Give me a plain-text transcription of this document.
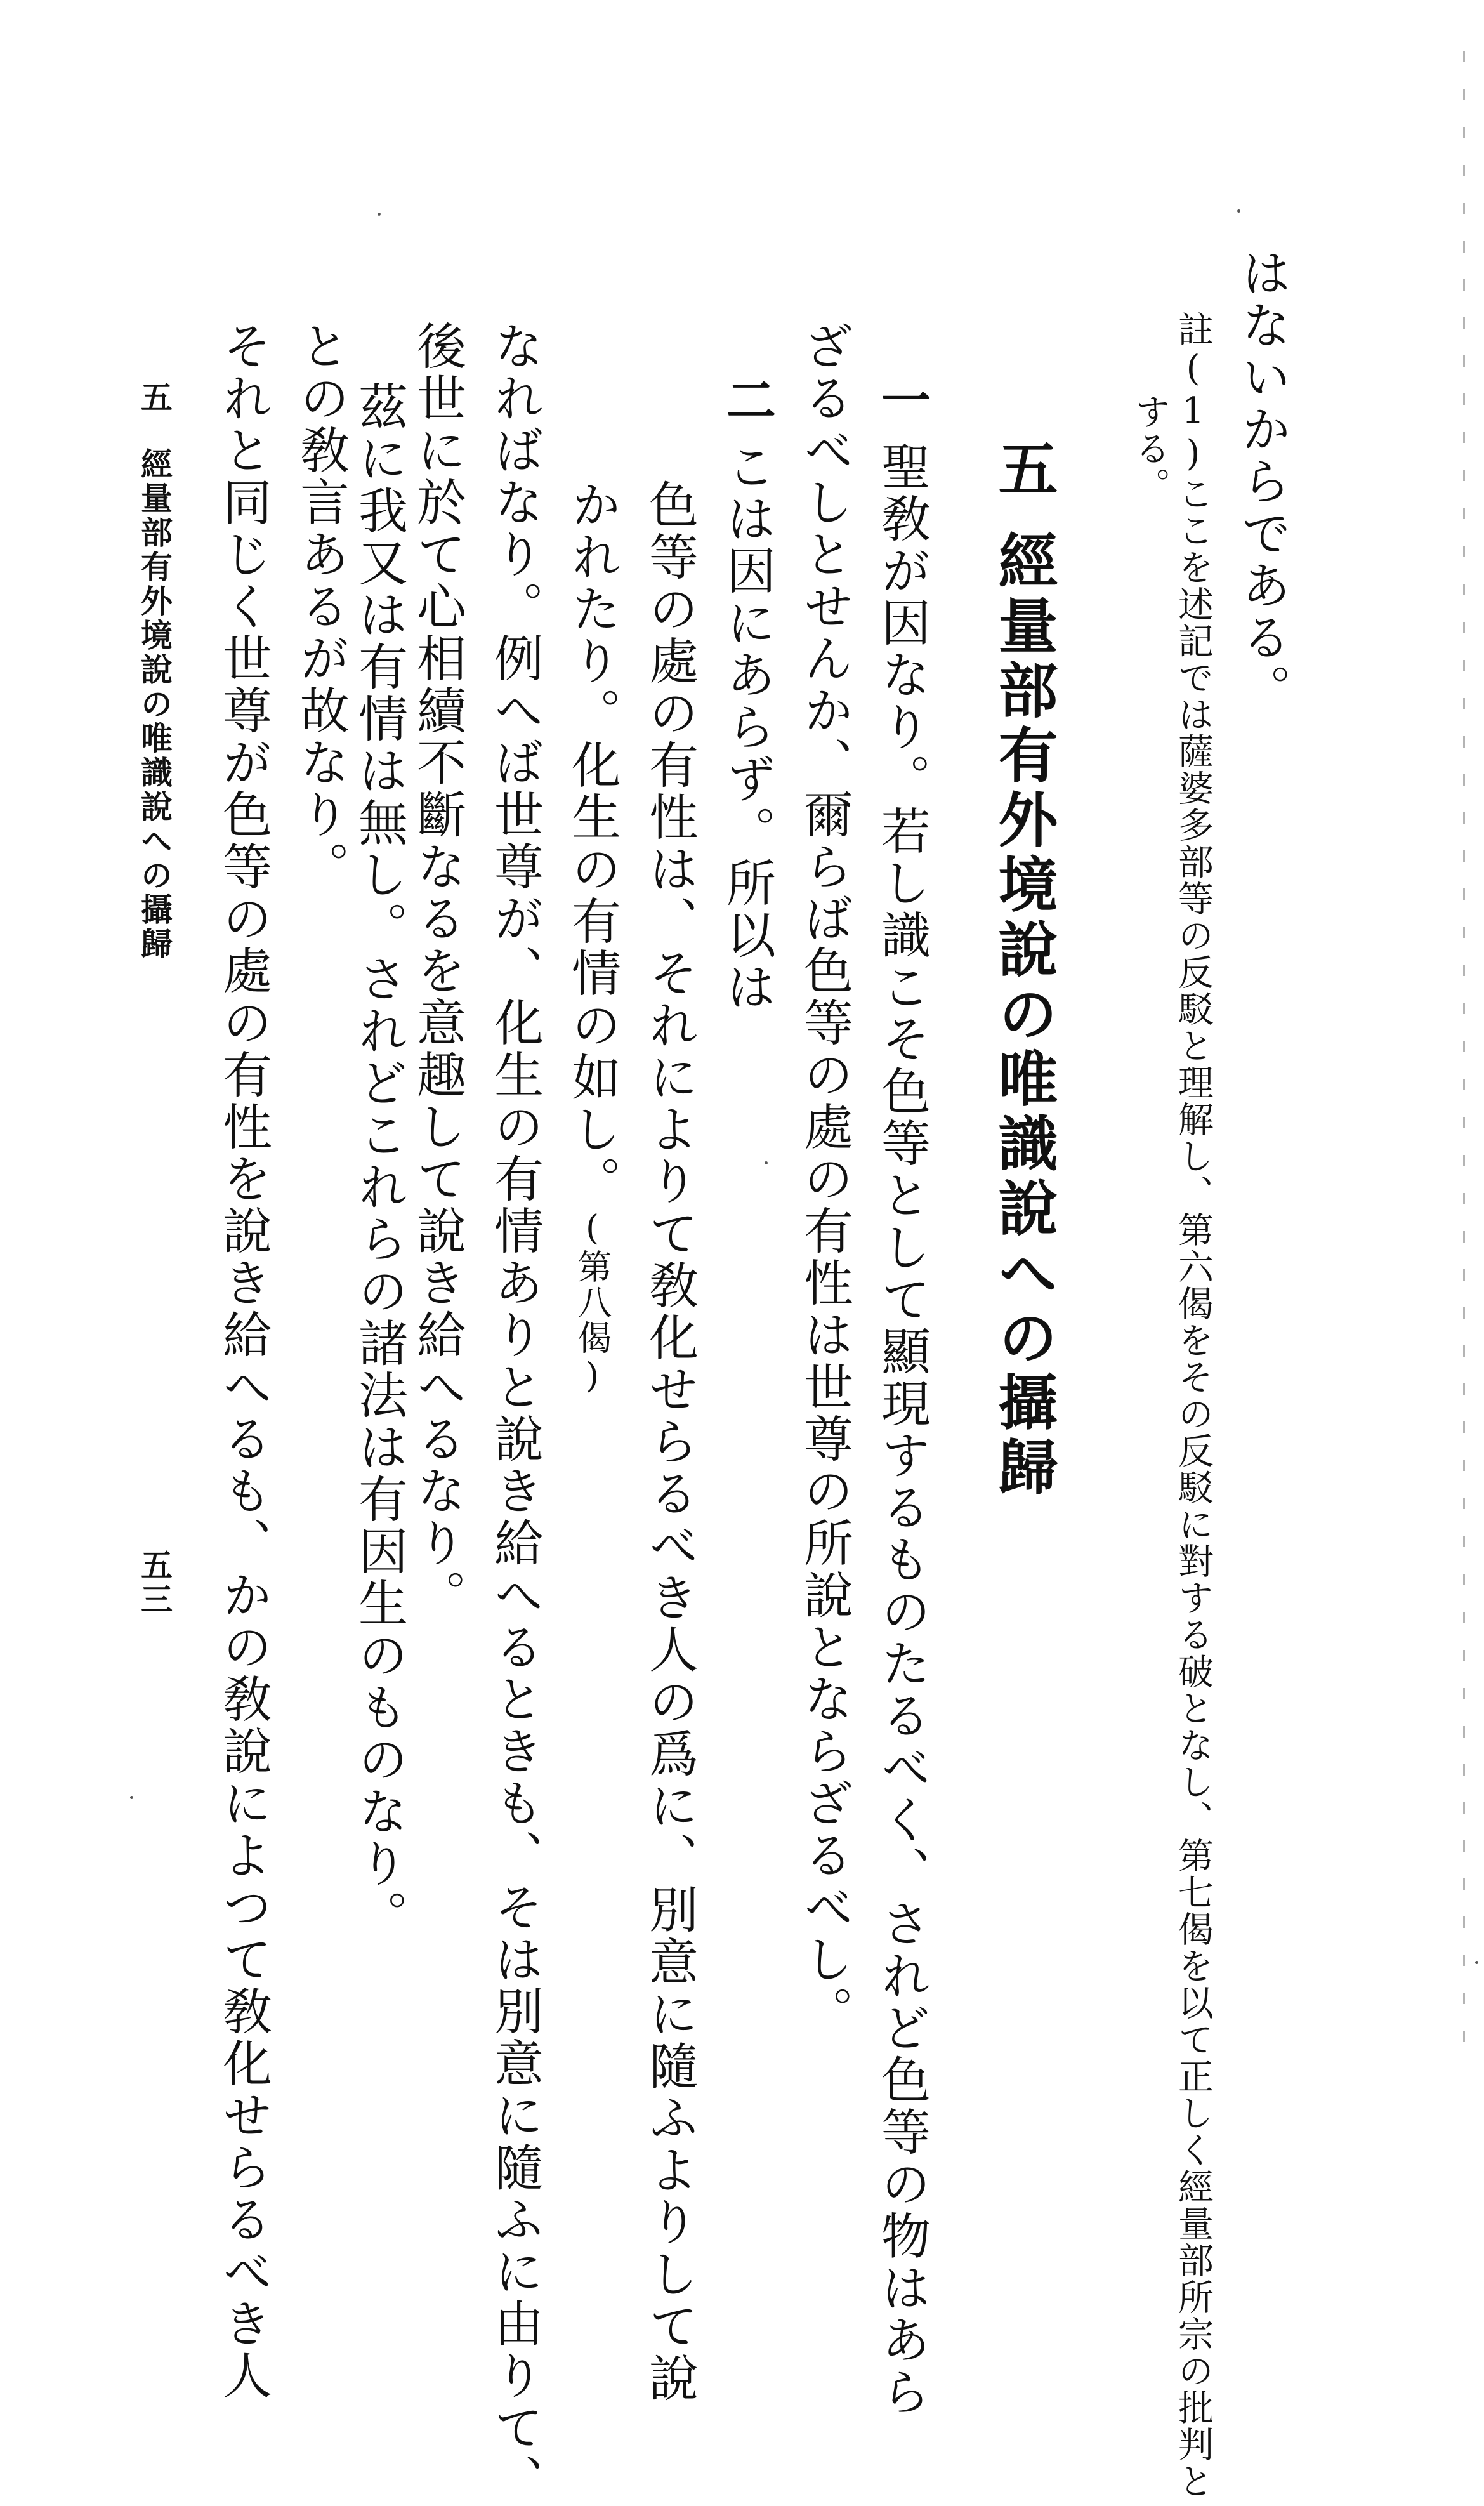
はないからである。
註(1)ここを述記では薩婆多部等の反駁と理解し、第六偈をその反駁に對する破となし、第七偈を以て正しく經量部所宗の批判と
する。
五
經量部有外境說の唯識說への攝歸
一
聖敎が因なり。若し識こそ色等として顯現するものたるべく、されど色等の物はあら
ざるべしとせんか、爾らば色等の處の有性は世尊の所說とならざるべし。
二
こは因にあらず。所以は
色等の處の有性は、それによりて敎化せらるべき人の爲に、別意に隨ふよりして說
かれたり。化生の有情の如し。(第八偈)
なればなり。例へば世尊が、化生の有情ありと說き給へるときも、そは別意に隨ふに由りて、
後世に於て心相續不斷なるを意趣して說き給へるなり。
茲に我又は有情は無し。されどこれらの諸法は有因生のものなり。
との敎言あるが故なり。
それと同じく世尊が色等の處の有性を說き給へるも、かの敎說によつて敎化せらるべき人
五
經量部有外境說の唯識說への攝歸
五三
